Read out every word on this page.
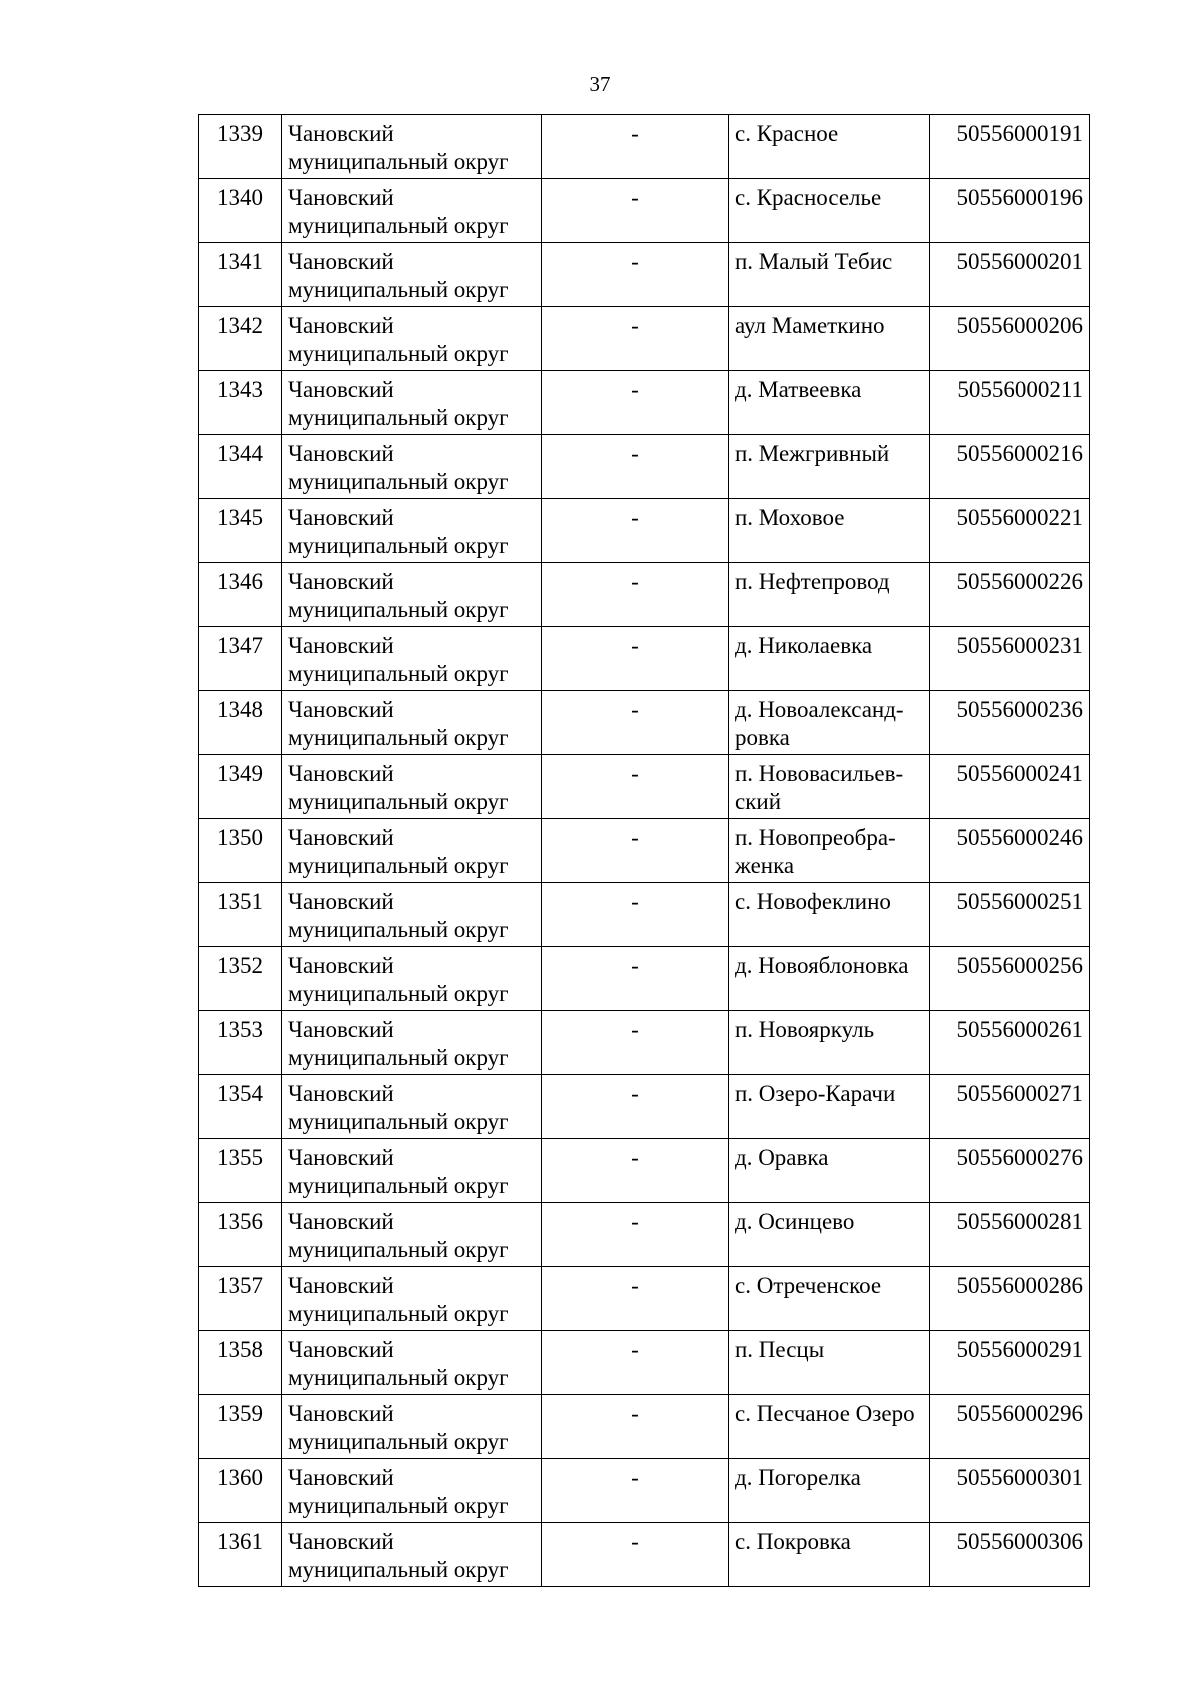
37
1339	Чановский муниципальный округ	-	с. Красное	50556000191
1340	Чановский муниципальный округ	-	с. Красноселье	50556000196
1341	Чановский муниципальный округ	-	п. Малый Тебис	50556000201
1342	Чановский муниципальный округ	-	аул Маметкино	50556000206
1343	Чановский муниципальный округ	-	д. Матвеевка	50556000211
1344	Чановский муниципальный округ	-	п. Межгривный	50556000216
1345	Чановский муниципальный округ	-	п. Моховое	50556000221
1346	Чановский муниципальный округ	-	п. Нефтепровод	50556000226
1347	Чановский муниципальный округ	-	д. Николаевка	50556000231
1348	Чановский муниципальный округ	-	д. Новоалександ-ровка	50556000236
1349	Чановский муниципальный округ	-	п. Нововасильев-ский	50556000241
1350	Чановский муниципальный округ	-	п. Новопреобра-женка	50556000246
1351	Чановский муниципальный округ	-	с. Новофеклино	50556000251
1352	Чановский муниципальный округ	-	д. Новояблоновка	50556000256
1353	Чановский муниципальный округ	-	п. Новояркуль	50556000261
1354	Чановский муниципальный округ	-	п. Озеро-Карачи	50556000271
1355	Чановский муниципальный округ	-	д. Оравка	50556000276
1356	Чановский муниципальный округ	-	д. Осинцево	50556000281
1357	Чановский муниципальный округ	-	с. Отреченское	50556000286
1358	Чановский муниципальный округ	-	п. Песцы	50556000291
1359	Чановский муниципальный округ	-	с. Песчаное Озеро	50556000296
1360	Чановский муниципальный округ	-	д. Погорелка	50556000301
1361	Чановский муниципальный округ	-	с. Покровка	50556000306
